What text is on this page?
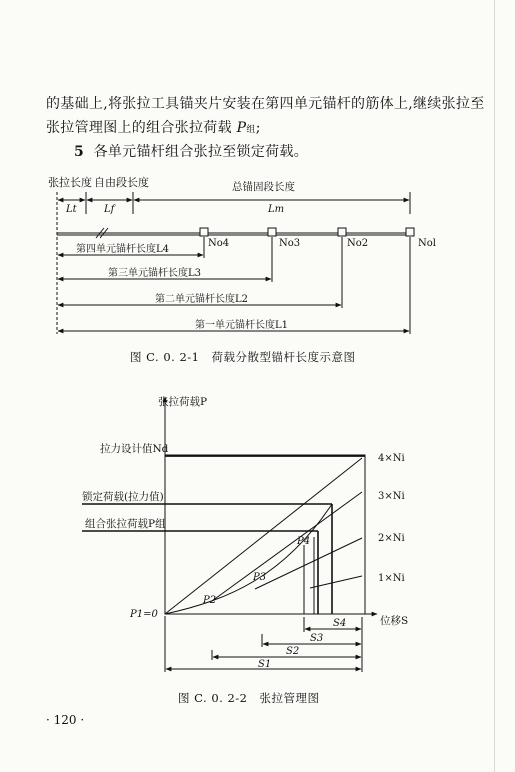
的基础上,将张拉工具锚夹片安装在第四单元锚杆的筋体上,继续张拉至张拉管理图上的组合张拉荷载 P组;
5 各单元锚杆组合张拉至锁定荷载。
张拉长度 自由段长度	总锚固段长度
Lt	Lf	Lm
No4	No3	No2	Nol
第四单元锚杆长度L4
第三单元锚杆长度L3
第二单元锚杆长度L2
第一单元锚杆长度L1
张拉荷载P
位移S
P1=0
拉力设计值Nd
锁定荷载(拉力值)
组合张拉荷载P组
4×Ni
3×Ni
2×Ni
1×Ni
P2
P3
P4
S4
S3
S2
S1
图 C. 0. 2-1　荷载分散型锚杆长度示意图
图 C. 0. 2-2　张拉管理图
· 120 ·
